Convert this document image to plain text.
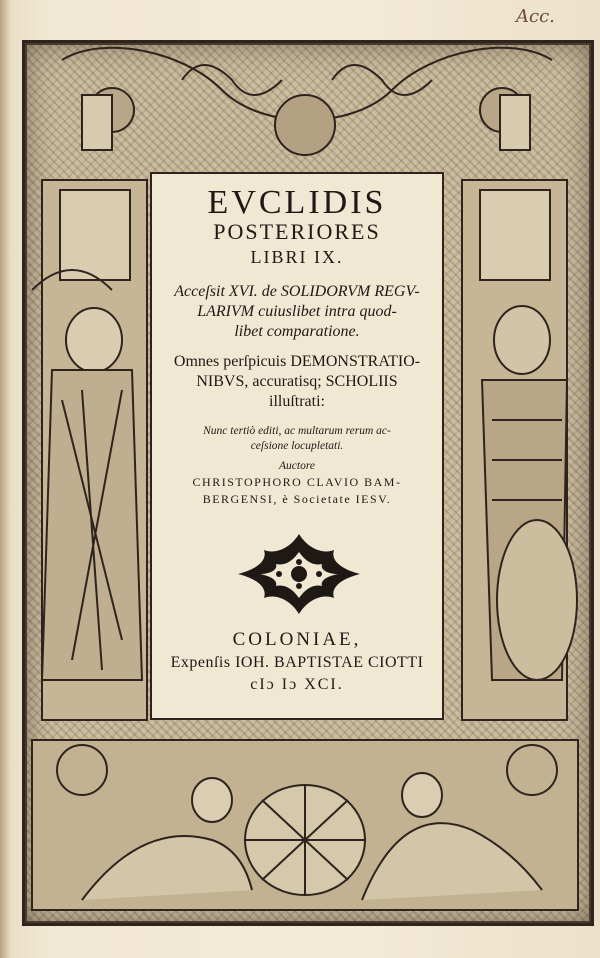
Acc.
EVCLIDIS
POSTERIORES
LIBRI IX.
Acceſsit XVI. de SOLIDORVM REGV-
LARIVM cuiuslibet intra quod-
libet comparatione.
Omnes perſpicuis DEMONSTRATIO-
NIBVS, accuratisq; SCHOLIIS
illuſtrati:
Nunc tertiò editi, ac multarum rerum ac-
ceſsione locupletati.
Auctore
CHRISTOPHORO CLAVIO BAM-
BERGENSI, è Societate IESV.
COLONIAE,
Expenſis IOH. BAPTISTAE CIOTTI
cIɔ Iɔ XCI.
